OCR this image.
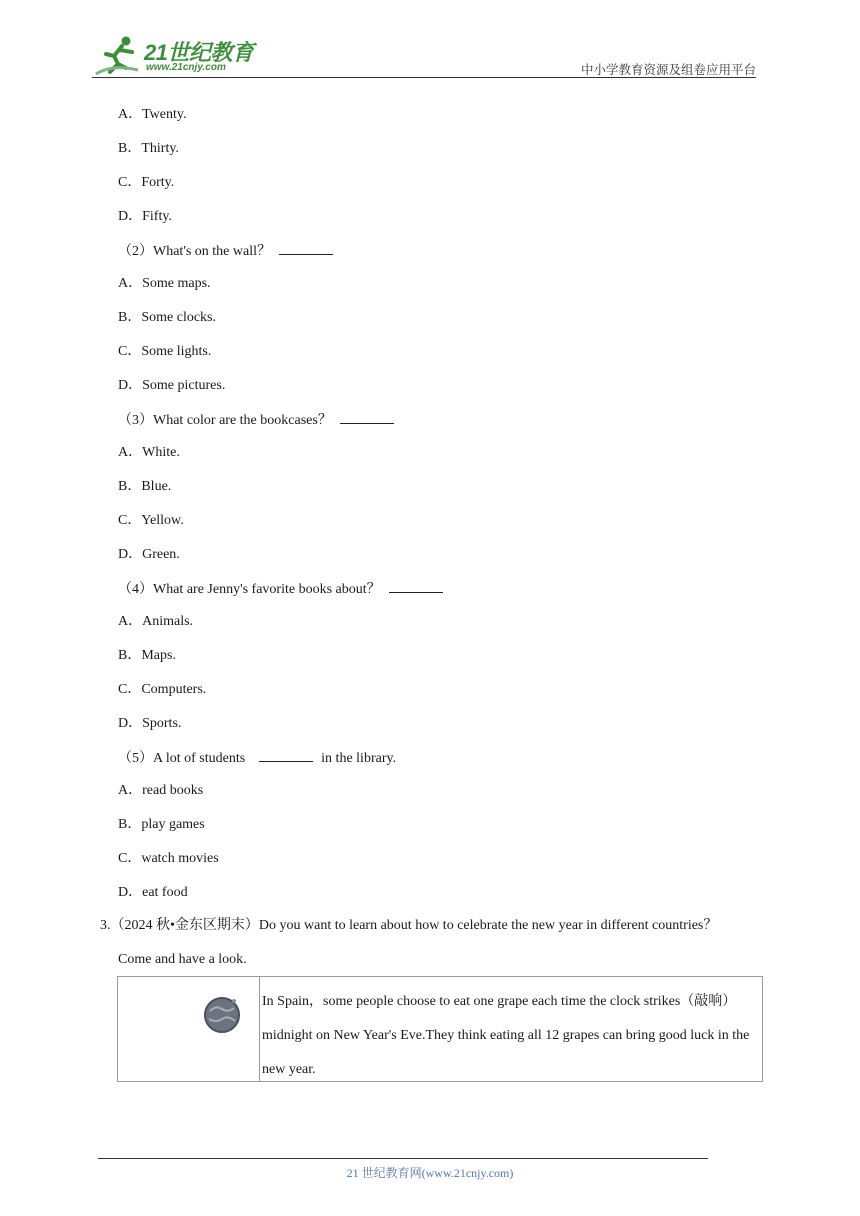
21世纪教育
www.21cnjy.com	中小学教育资源及组卷应用平台
A．Twenty.
B．Thirty.
C．Forty.
D．Fifty.
（2）What's on the wall？
A．Some maps.
B．Some clocks.
C．Some lights.
D．Some pictures.
（3）What color are the bookcases？
A．White.
B．Blue.
C．Yellow.
D．Green.
（4）What are Jenny's favorite books about？
A．Animals.
B．Maps.
C．Computers.
D．Sports.
（5）A lot of students	in the library.
A．read books
B．play games
C．watch movies
D．eat food
3.（2024 秋•金东区期末）Do you want to learn about how to celebrate the new year in different countries？
Come and have a look.
In Spain，some people choose to eat one grape each time the clock strikes（敲响） midnight on New Year's Eve.They think eating all 12 grapes can bring good luck in the new year.
21 世纪教育网(www.21cnjy.com)
